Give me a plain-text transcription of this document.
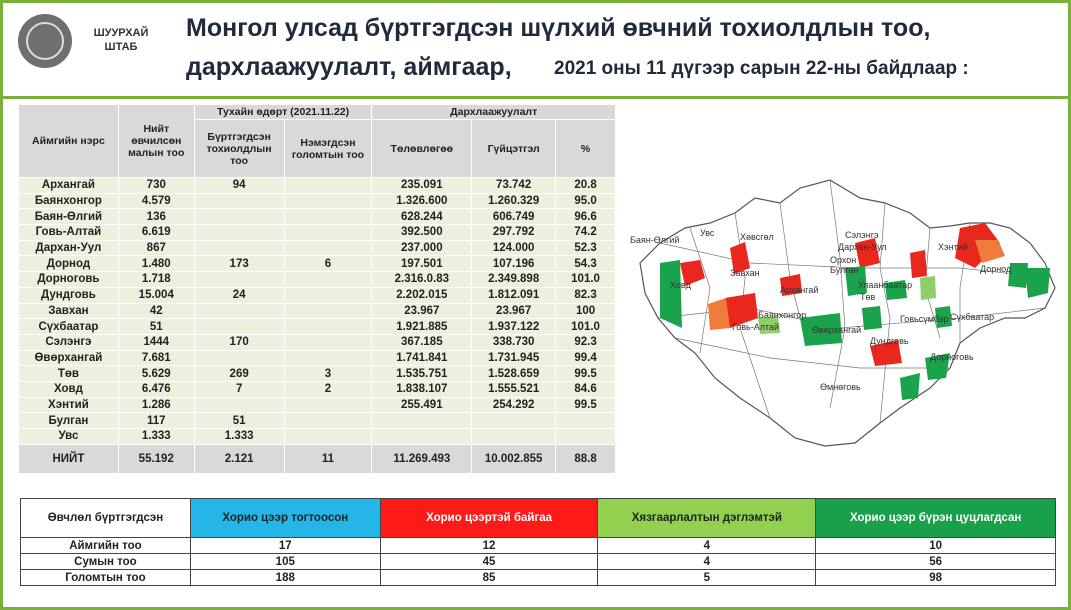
ШУУРХАЙ
ШТАБ
Монгол улсад бүртгэгдсэн шүлхий өвчний тохиолдлын тоо,
дархлаажуулалт, аймгаар, 2021 оны 11 дүгээр сарын 22-ны байдлаар :
Аймгийн нэрс	Нийт өвчилсөн малын тоо	Тухайн өдөрт (2021.11.22)		Дархлаажуулалт		
		Бүртгэгдсэн тохиолдлын тоо	Нэмэгдсэн голомтын тоо	Төлөвлөгөө	Гүйцэтгэл	%
Архангай	730	94		235.091	73.742	20.8
Баянхонгор	4.579			1.326.600	1.260.329	95.0
Баян-Өлгий	136			628.244	606.749	96.6
Говь-Алтай	6.619			392.500	297.792	74.2
Дархан-Уул	867			237.000	124.000	52.3
Дорнод	1.480	173	6	197.501	107.196	54.3
Дорноговь	1.718			2.316.0.83	2.349.898	101.0
Дундговь	15.004	24		2.202.015	1.812.091	82.3
Завхан	42			23.967	23.967	100
Сүхбаатар	51			1.921.885	1.937.122	101.0
Сэлэнгэ	1444	170		367.185	338.730	92.3
Өвөрхангай	7.681			1.741.841	1.731.945	99.4
Төв	5.629	269	3	1.535.751	1.528.659	99.5
Ховд	6.476	7	2	1.838.107	1.555.521	84.6
Хэнтий	1.286			255.491	254.292	99.5
Булган	117	51				
Увс	1.333	1.333				
НИЙТ	55.192	2.121	11	11.269.493	10.002.855	88.8
Баян-Өлгий
Увс	Хөвсгөл	Сэлэнгэ
Дархан-Уул
Орхон
Булган
Завхан
Хэнтий
Дорнод
Ховд	Архангай	Улаанбаатар
Төв
Баянхонгор
Говь-Алтай	Өвөрхангай
Говьсүмбэр Сүхбаатар
Дундговь
Дорноговь
Өмнөговь
Өвчлөл бүртгэгдсэн	Хорио цээр тогтоосон	Хорио цээртэй байгаа	Хязгаарлалтын дэглэмтэй	Хорио цээр бүрэн цуцлагдсан
Аймгийн тоо	17	12	4	10
Сумын тоо	105	45	4	56
Голомтын тоо	188	85	5	98
